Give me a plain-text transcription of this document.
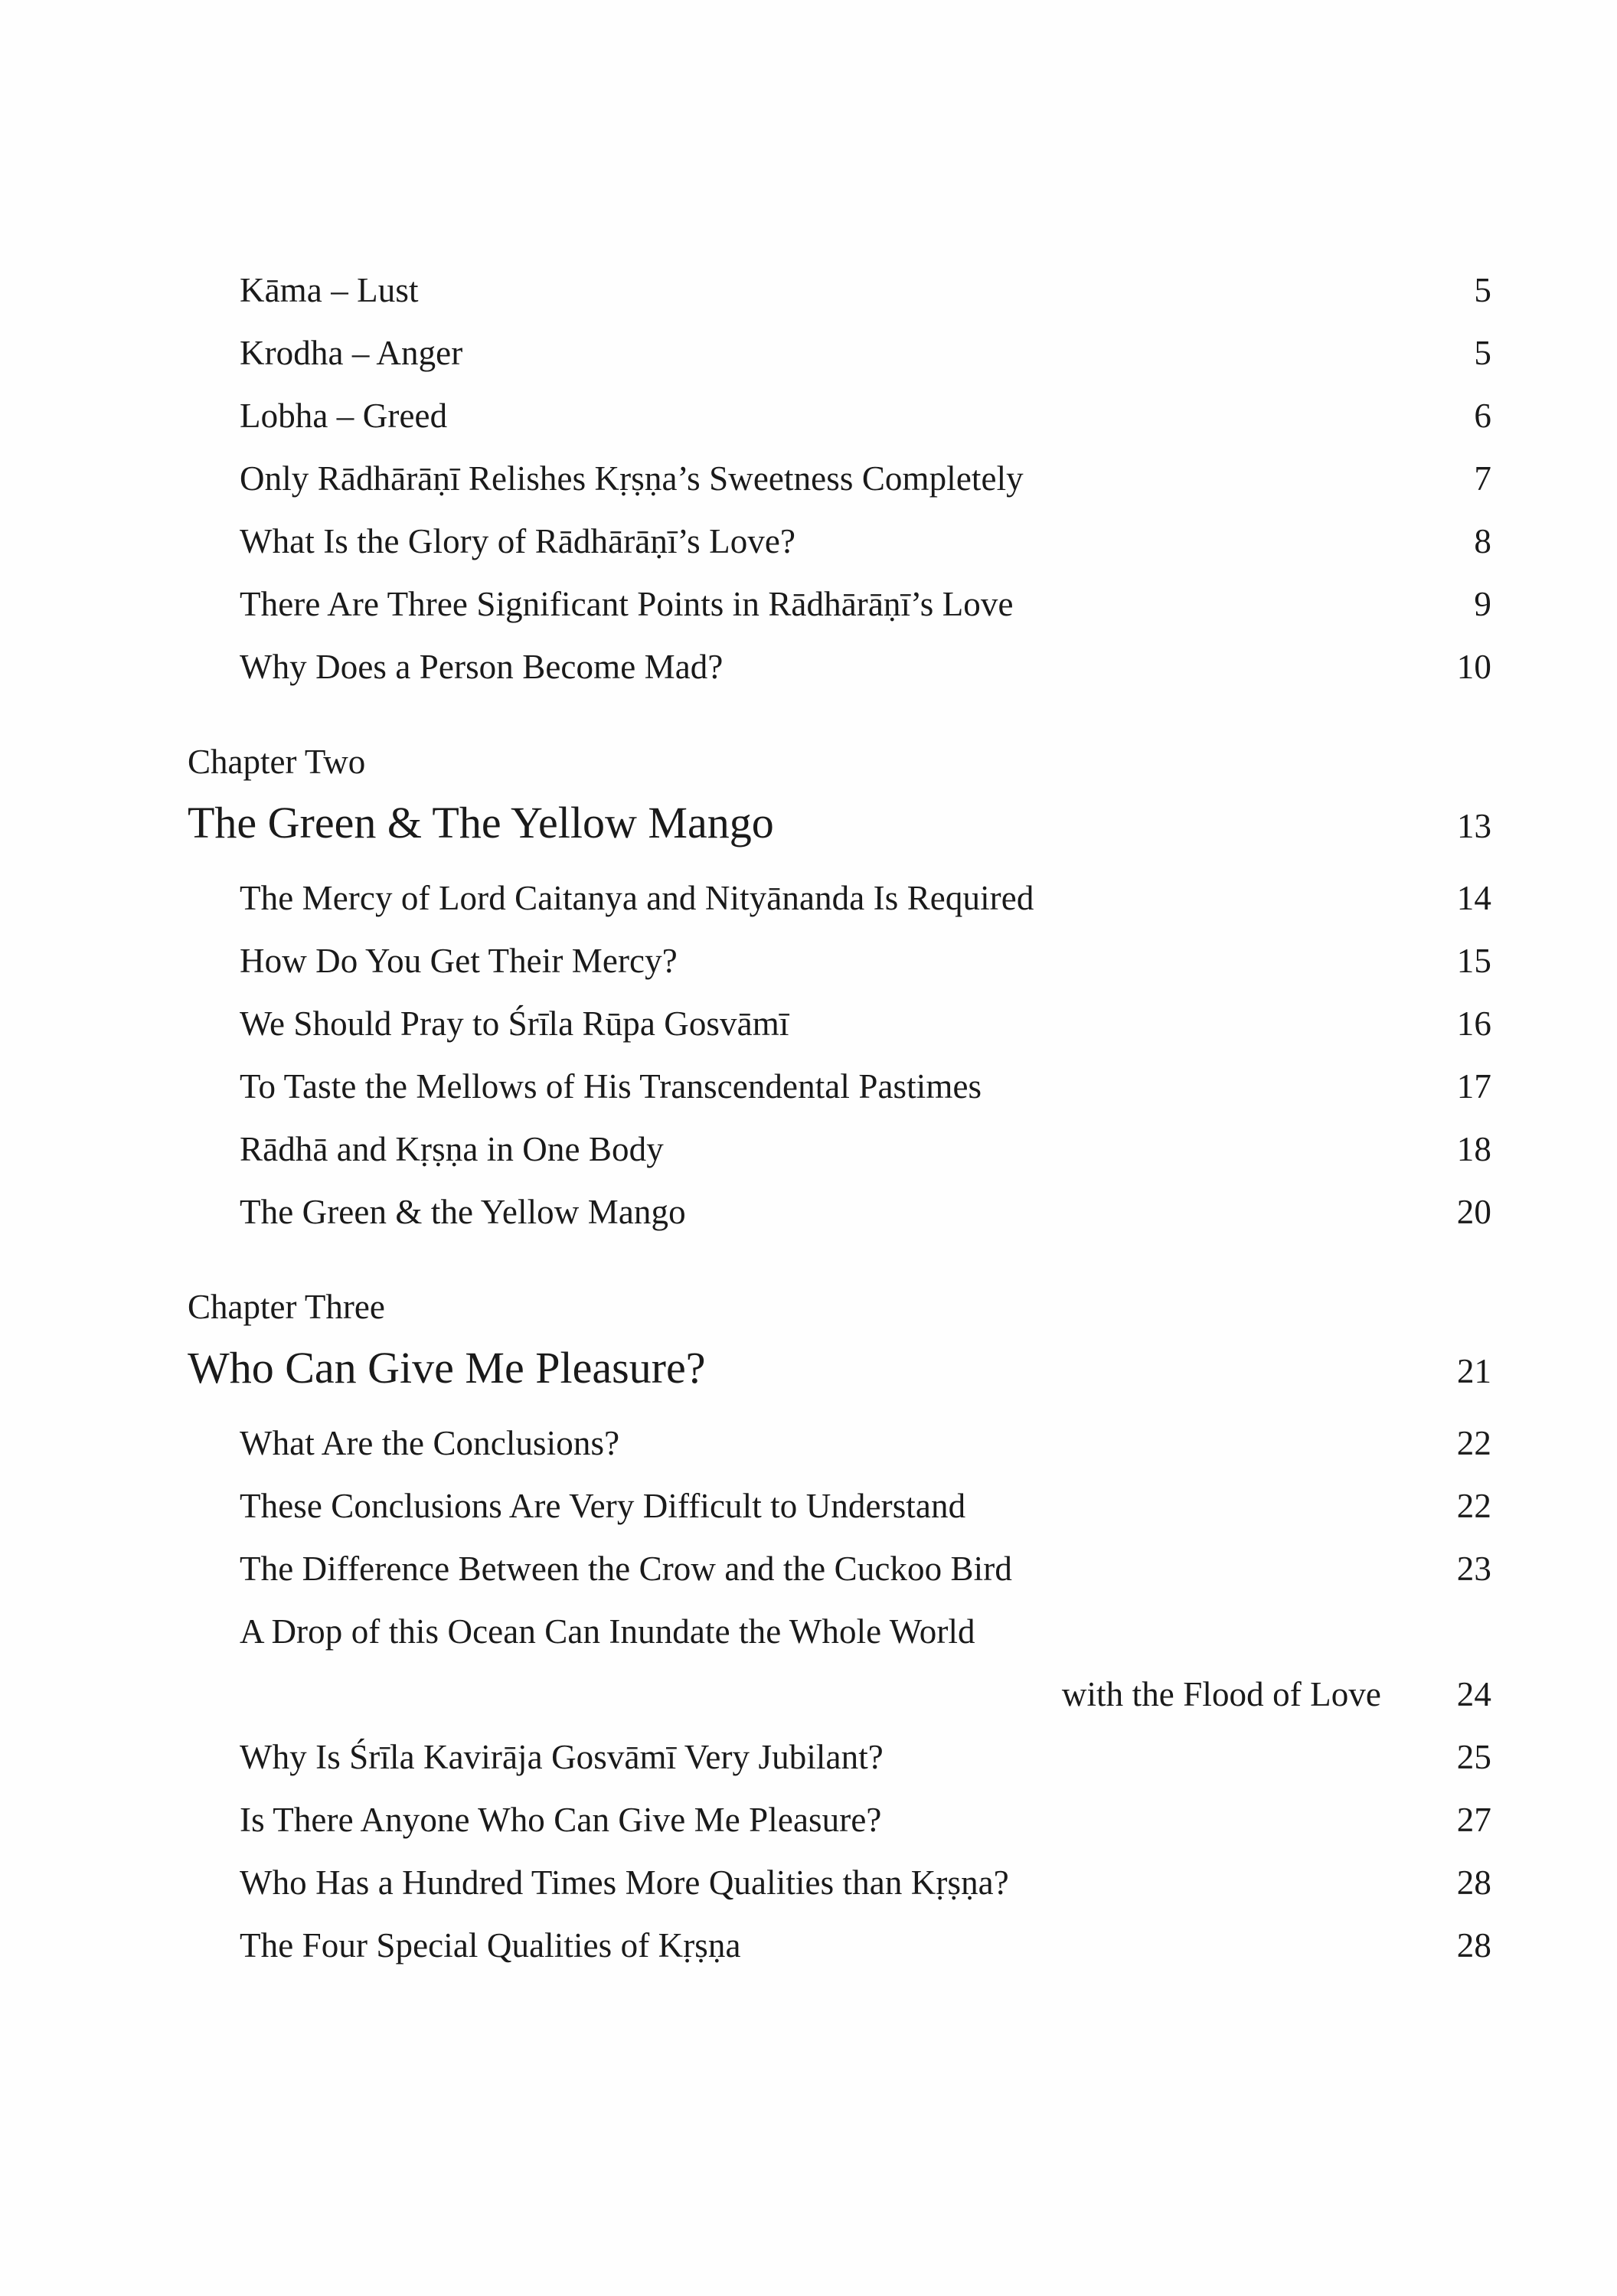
Kāma – Lust	5
Krodha – Anger	5
Lobha – Greed	6
Only Rādhārāṇī Relishes Kṛṣṇa’s Sweetness Completely	7
What Is the Glory of Rādhārāṇī’s Love?	8
There Are Three Significant Points in Rādhārāṇī’s Love	9
Why Does a Person Become Mad?	10
Chapter Two
The Green & The Yellow Mango	13
The Mercy of Lord Caitanya and Nityānanda Is Required	14
How Do You Get Their Mercy?	15
We Should Pray to Śrīla Rūpa Gosvāmī	16
To Taste the Mellows of His Transcendental Pastimes	17
Rādhā and Kṛṣṇa in One Body	18
The Green & the Yellow Mango	20
Chapter Three
Who Can Give Me Pleasure?	21
What Are the Conclusions?	22
These Conclusions Are Very Difficult to Understand	22
The Difference Between the Crow and the Cuckoo Bird	23
A Drop of this Ocean Can Inundate the Whole World
with the Flood of Love	24
Why Is Śrīla Kavirāja Gosvāmī Very Jubilant?	25
Is There Anyone Who Can Give Me Pleasure?	27
Who Has a Hundred Times More Qualities than Kṛṣṇa?	28
The Four Special Qualities of Kṛṣṇa	28
